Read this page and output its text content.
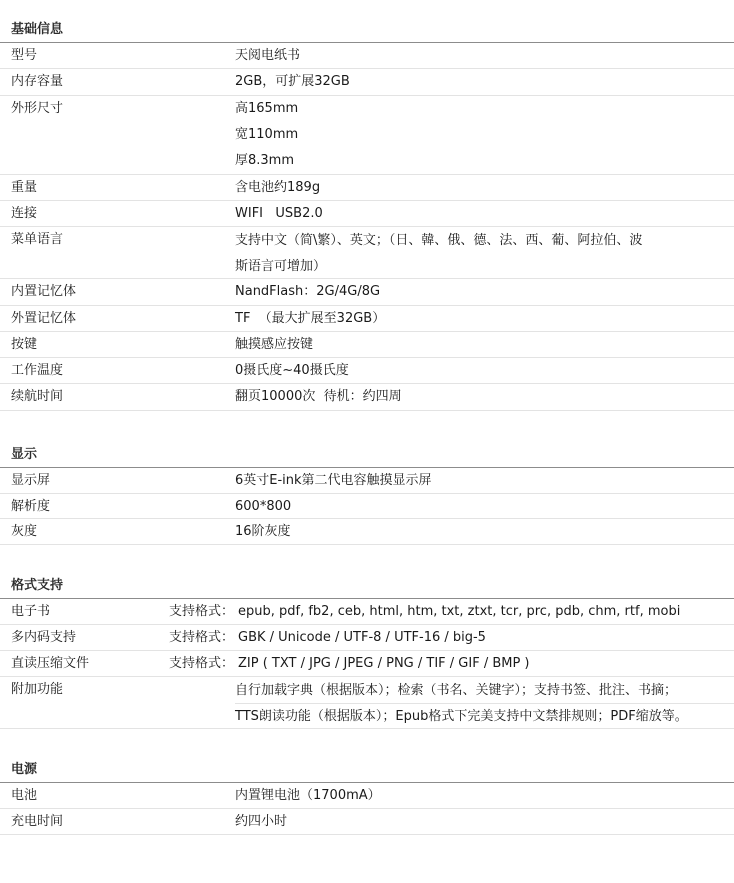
基础信息
型号	天阅电纸书
内存容量	2GB，可扩展32GB
外形尺寸	高165mm
宽110mm
厚8.3mm
重量	含电池约189g
连接	WIFI   USB2.0
菜单语言	支持中文（简\繁）、英文；（日、韓、俄、德、法、西、葡、阿拉伯、波
斯语言可增加）
内置记忆体	NandFlash：2G/4G/8G
外置记忆体	TF  （最大扩展至32GB）
按键	触摸感应按键
工作温度	0摄氏度~40摄氏度
续航时间	翻页10000次  待机：约四周
显示
显示屏	6英寸E-ink第二代电容触摸显示屏
解析度	600*800
灰度	16阶灰度
格式支持
电子书	支持格式： epub, pdf, fb2, ceb, html, htm, txt, ztxt, tcr, prc, pdb, chm, rtf, mobi
多内码支持	支持格式： GBK / Unicode / UTF-8 / UTF-16 / big-5
直读压缩文件	支持格式： ZIP ( TXT / JPG / JPEG / PNG / TIF / GIF / BMP )
附加功能	自行加载字典（根据版本）；检索（书名、关键字）；支持书签、批注、书摘；
TTS朗读功能（根据版本）；Epub格式下完美支持中文禁排规则；PDF缩放等。
电源
电池	内置锂电池（1700mA）
充电时间	约四小时
